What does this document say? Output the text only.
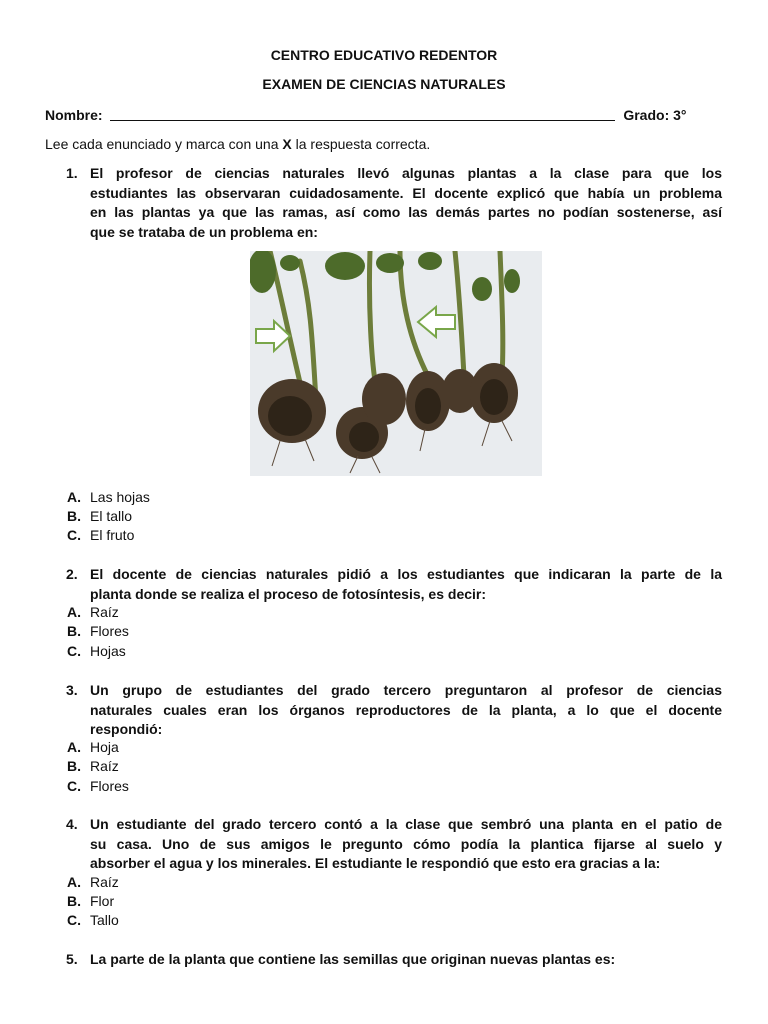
CENTRO EDUCATIVO REDENTOR
EXAMEN DE CIENCIAS NATURALES
Nombre:	Grado: 3°
Lee cada enunciado y marca con una X la respuesta correcta.
1. El profesor de ciencias naturales llevó algunas plantas a la clase para que los
estudiantes las observaran cuidadosamente. El docente explicó que había un problema
en las plantas ya que las ramas, así como las demás partes no podían sostenerse, así
que se trataba de un problema en:
A. Las hojas
B. El tallo
C. El fruto
2. El docente de ciencias naturales pidió a los estudiantes que indicaran la parte de la
planta donde se realiza el proceso de fotosíntesis, es decir:
A. Raíz
B. Flores
C. Hojas
3. Un grupo de estudiantes del grado tercero preguntaron al profesor de ciencias
naturales cuales eran los órganos reproductores de la planta, a lo que el docente
respondió:
A. Hoja
B. Raíz
C. Flores
4. Un estudiante del grado tercero contó a la clase que sembró una planta en el patio de
su casa. Uno de sus amigos le pregunto cómo podía la plantica fijarse al suelo y
absorber el agua y los minerales. El estudiante le respondió que esto era gracias a la:
A. Raíz
B. Flor
C. Tallo
5. La parte de la planta que contiene las semillas que originan nuevas plantas es:
